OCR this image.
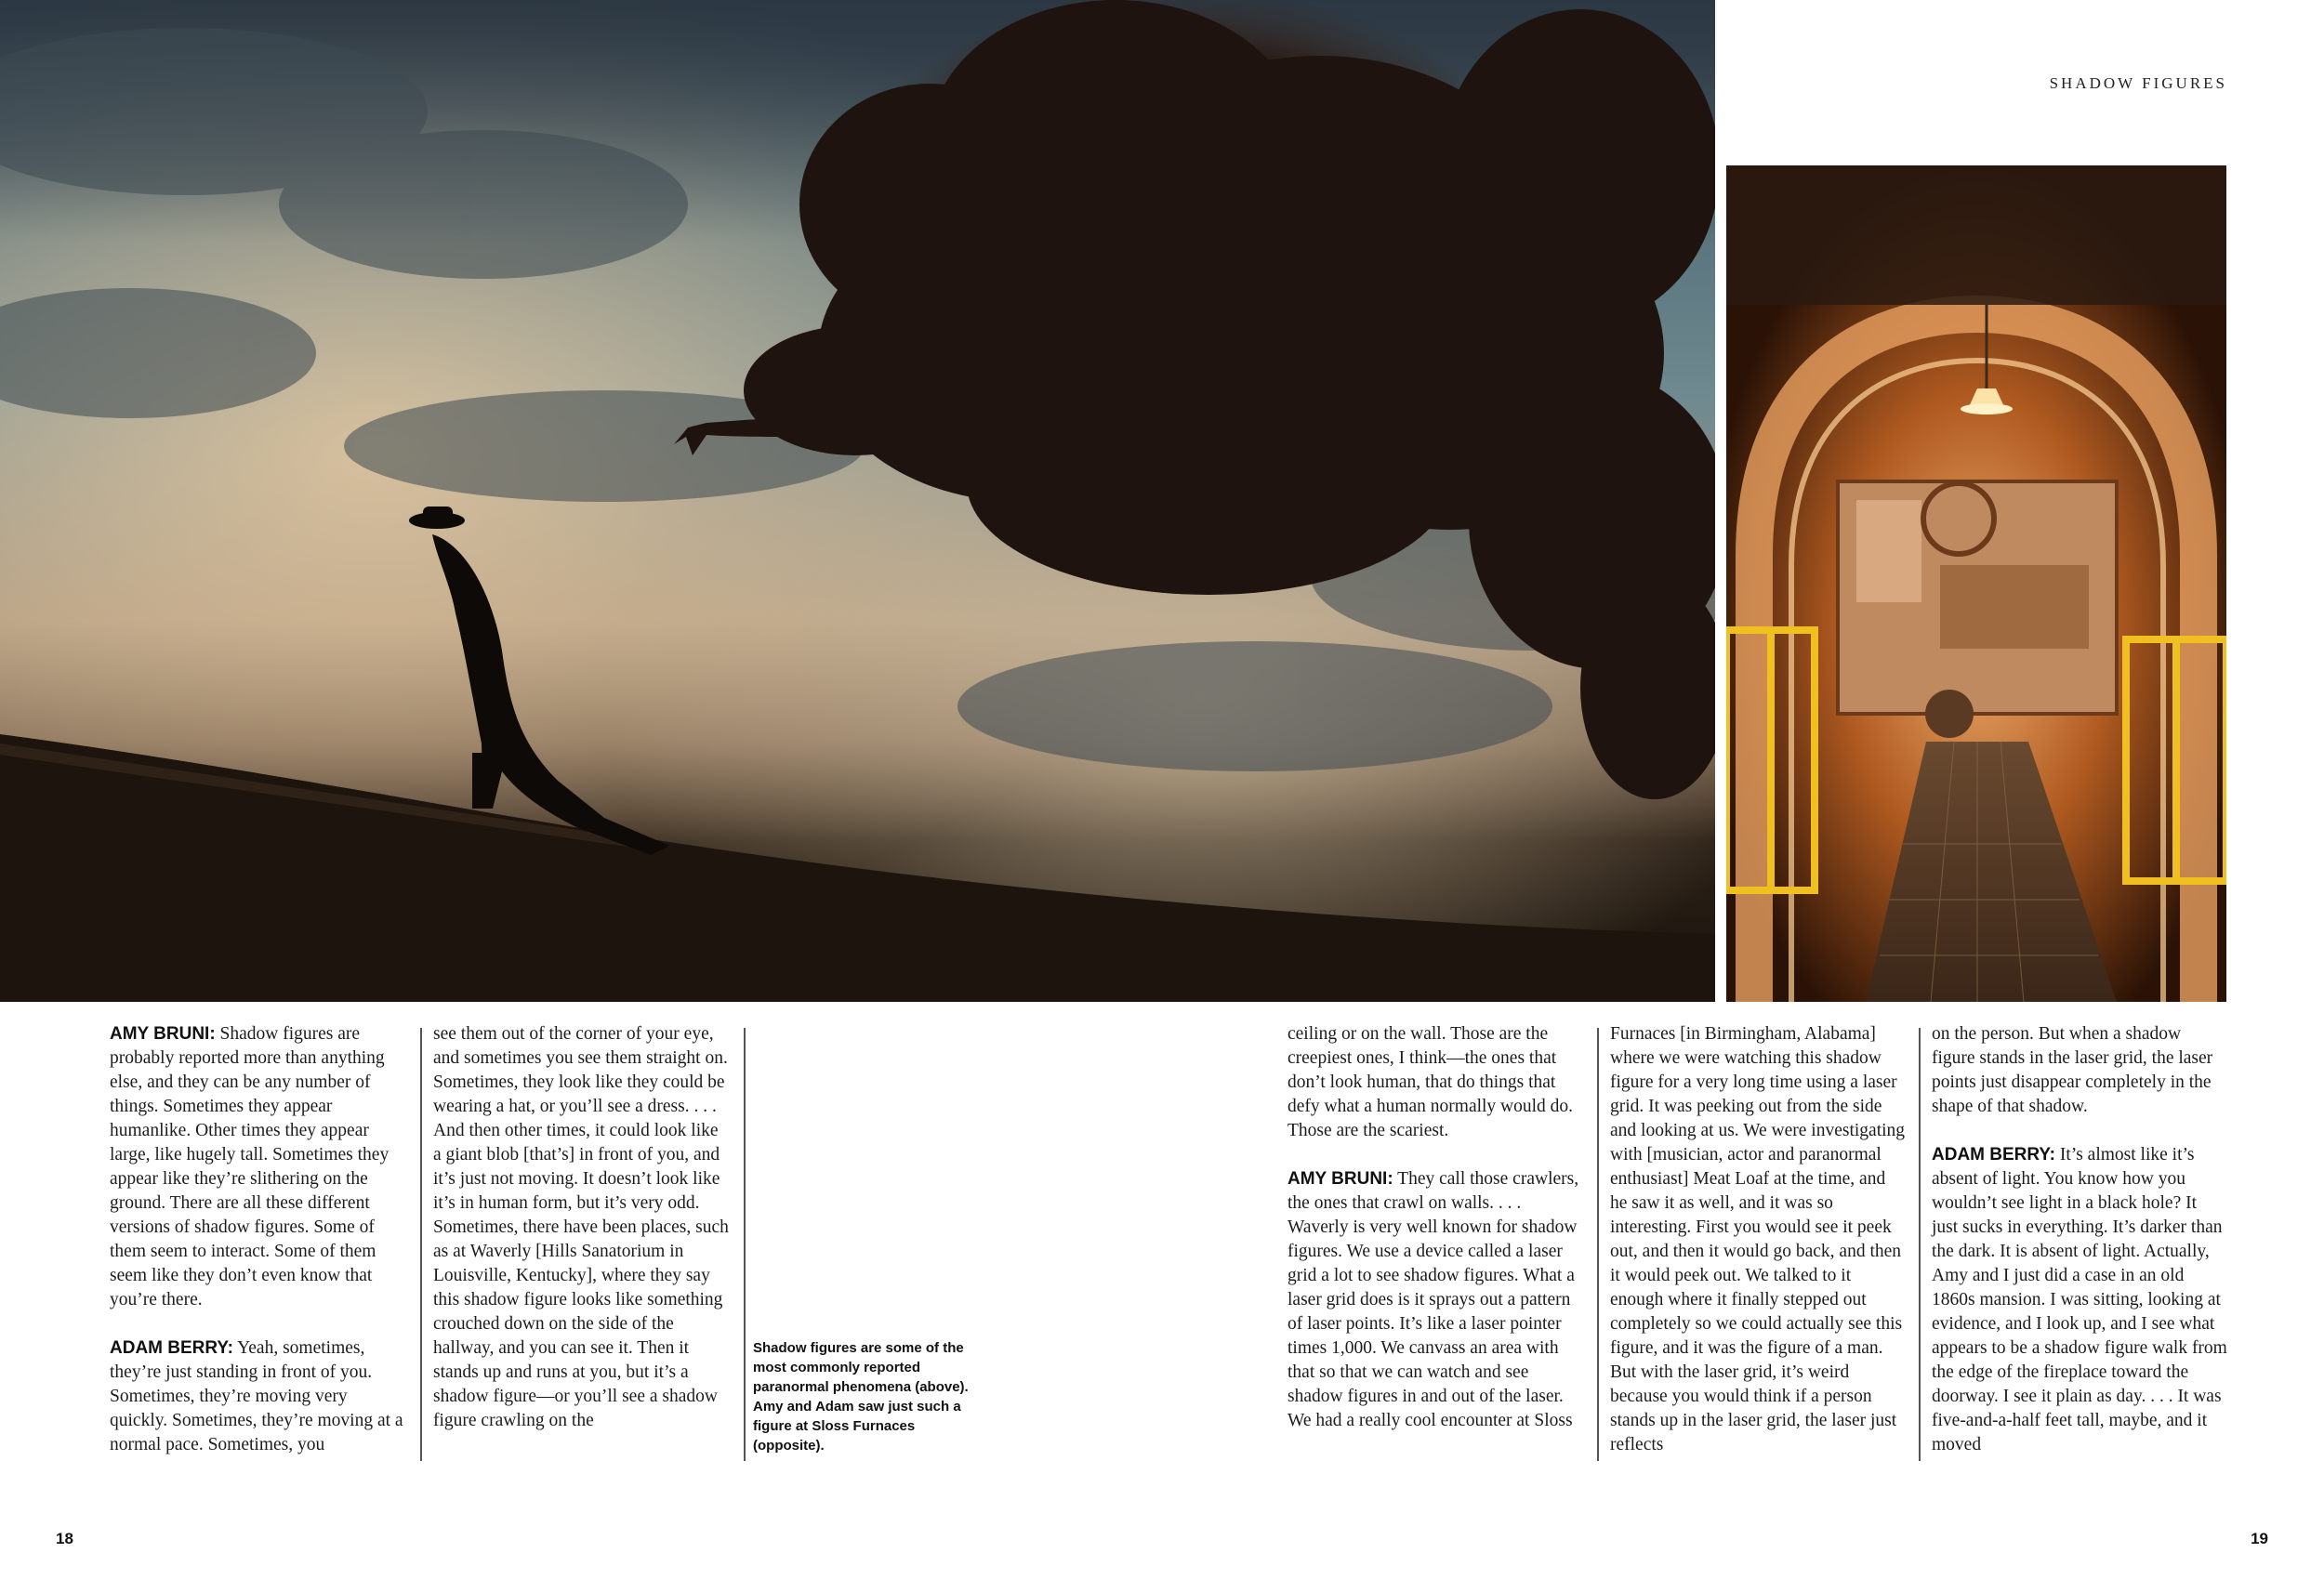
SHADOW FIGURES

AMY BRUNI: Shadow figures are probably reported more than anything else, and they can be any number of things. Sometimes they appear humanlike. Other times they appear large, like hugely tall. Sometimes they appear like they’re slithering on the ground. There are all these different versions of shadow figures. Some of them seem to interact. Some of them seem like they don’t even know that you’re there.

ADAM BERRY: Yeah, sometimes, they’re just standing in front of you. Sometimes, they’re moving very quickly. Sometimes, they’re moving at a normal pace. Sometimes, you

see them out of the corner of your eye, and sometimes you see them straight on. Sometimes, they look like they could be wearing a hat, or you’ll see a dress. . . . And then other times, it could look like a giant blob [that’s] in front of you, and it’s just not moving. It doesn’t look like it’s in human form, but it’s very odd. Sometimes, there have been places, such as at Waverly [Hills Sanatorium in Louisville, Kentucky], where they say this shadow figure looks like something crouched down on the side of the hallway, and you can see it. Then it stands up and runs at you, but it’s a shadow figure—or you’ll see a shadow figure crawling on the

Shadow figures are some of the most commonly reported paranormal phenomena (above). Amy and Adam saw just such a figure at Sloss Furnaces (opposite).

ceiling or on the wall. Those are the creepiest ones, I think—the ones that don’t look human, that do things that defy what a human normally would do. Those are the scariest.

AMY BRUNI: They call those crawlers, the ones that crawl on walls. . . . Waverly is very well known for shadow figures. We use a device called a laser grid a lot to see shadow figures. What a laser grid does is it sprays out a pattern of laser points. It’s like a laser pointer times 1,000. We canvass an area with that so that we can watch and see shadow figures in and out of the laser. We had a really cool encounter at Sloss

Furnaces [in Birmingham, Alabama] where we were watching this shadow figure for a very long time using a laser grid. It was peeking out from the side and looking at us. We were investigating with [musician, actor and paranormal enthusiast] Meat Loaf at the time, and he saw it as well, and it was so interesting. First you would see it peek out, and then it would go back, and then it would peek out. We talked to it enough where it finally stepped out completely so we could actually see this figure, and it was the figure of a man. But with the laser grid, it’s weird because you would think if a person stands up in the laser grid, the laser just reflects

on the person. But when a shadow figure stands in the laser grid, the laser points just disappear completely in the shape of that shadow.

ADAM BERRY: It’s almost like it’s absent of light. You know how you wouldn’t see light in a black hole? It just sucks in everything. It’s darker than the dark. It is absent of light. Actually, Amy and I just did a case in an old 1860s mansion. I was sitting, looking at evidence, and I look up, and I see what appears to be a shadow figure walk from the edge of the fireplace toward the doorway. I see it plain as day. . . . It was five-and-a-half feet tall, maybe, and it moved

18	19
